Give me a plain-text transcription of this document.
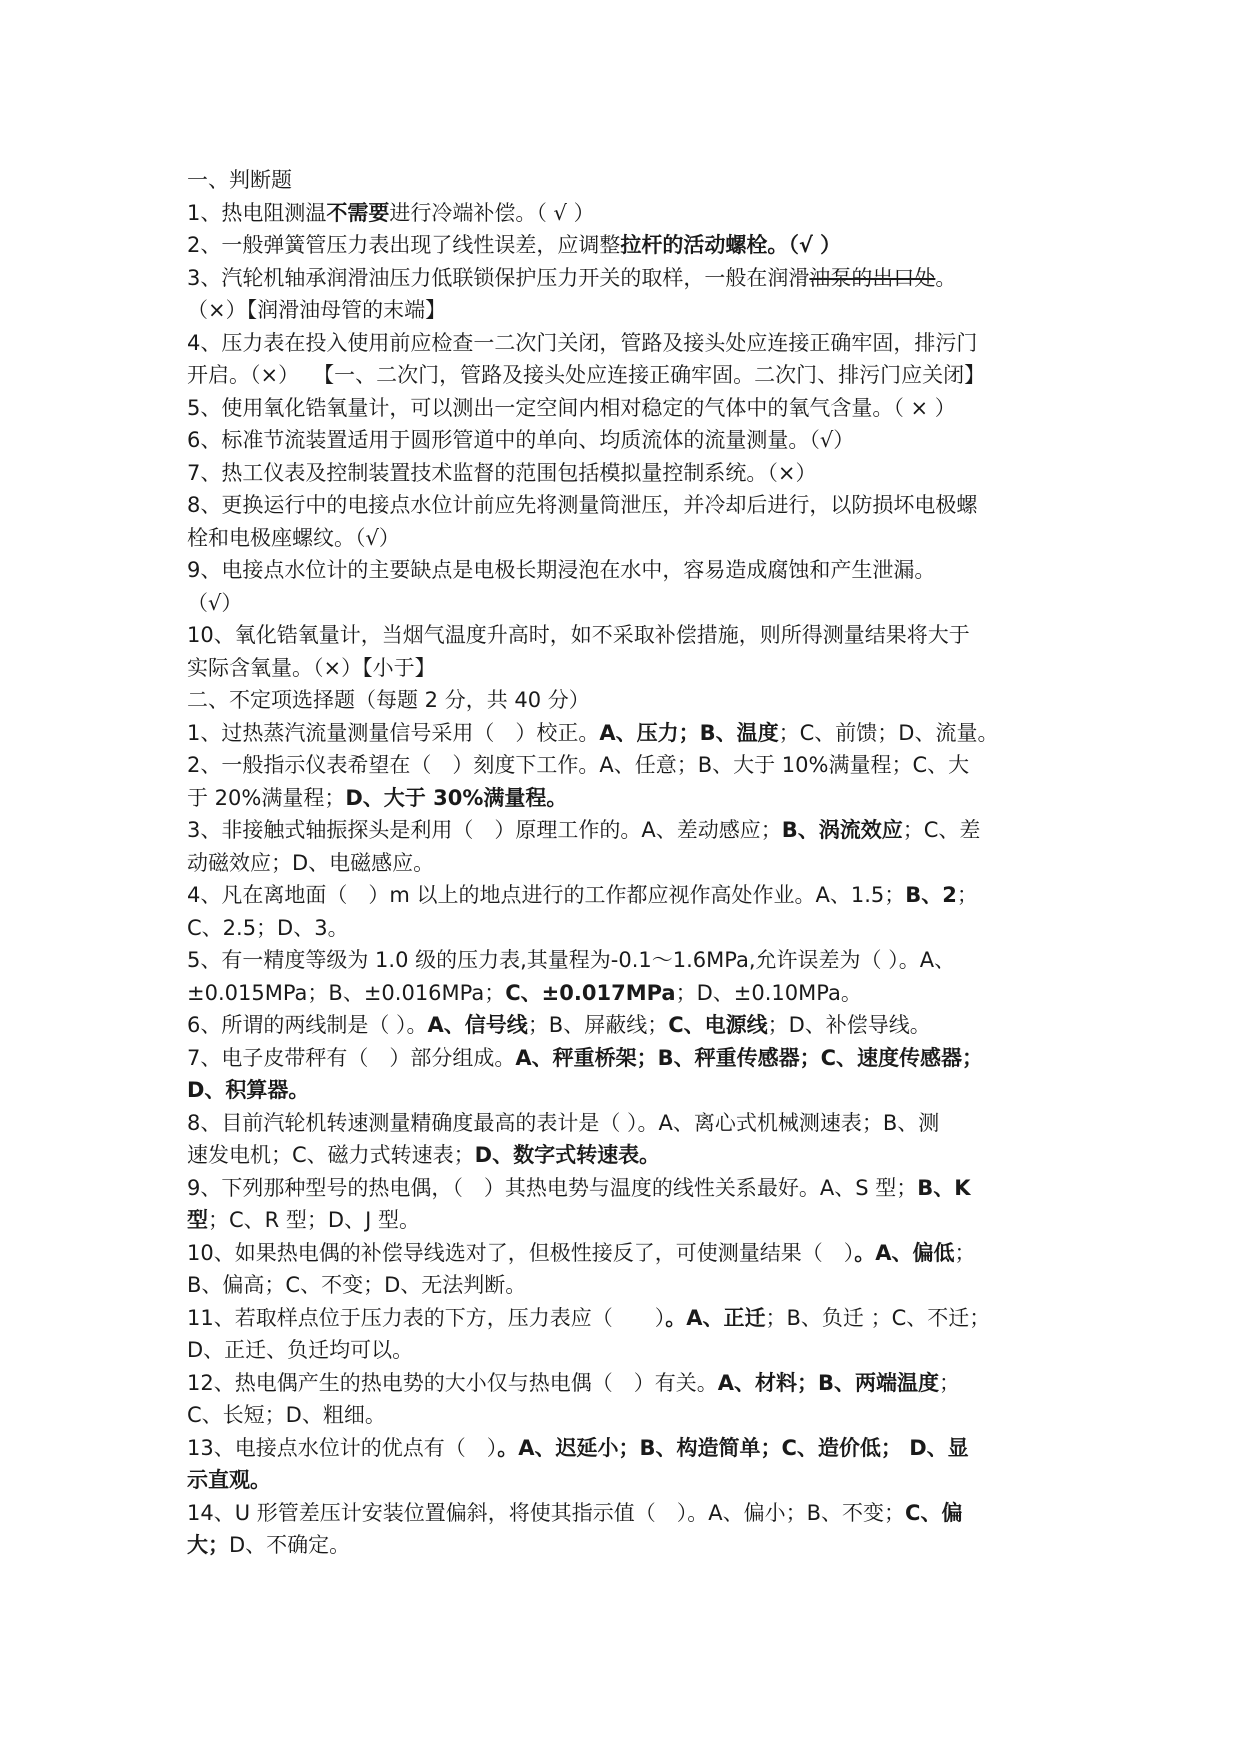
一、判断题
1、热电阻测温不需要进行冷端补偿。（ √ ）
2、一般弹簧管压力表出现了线性误差，应调整拉杆的活动螺栓。（√ ）
3、汽轮机轴承润滑油压力低联锁保护压力开关的取样，一般在润滑油泵的出口处。
（×）【润滑油母管的末端】
4、压力表在投入使用前应检查一二次门关闭，管路及接头处应连接正确牢固，排污门
开启。（×） 【一、二次门，管路及接头处应连接正确牢固。二次门、排污门应关闭】
5、使用氧化锆氧量计，可以测出一定空间内相对稳定的气体中的氧气含量。（ × ）
6、标准节流装置适用于圆形管道中的单向、均质流体的流量测量。（√）
7、热工仪表及控制装置技术监督的范围包括模拟量控制系统。（×）
8、更换运行中的电接点水位计前应先将测量筒泄压，并冷却后进行，以防损坏电极螺
栓和电极座螺纹。（√）
9、电接点水位计的主要缺点是电极长期浸泡在水中，容易造成腐蚀和产生泄漏。
（√）
10、氧化锆氧量计，当烟气温度升高时，如不采取补偿措施，则所得测量结果将大于
实际含氧量。（×）【小于】
二、不定项选择题（每题 2 分，共 40 分）
1、过热蒸汽流量测量信号采用（　）校正。A、压力；B、温度；C、前馈；D、流量。
2、一般指示仪表希望在（　）刻度下工作。A、任意；B、大于 10%满量程；C、大
于 20%满量程；D、大于 30%满量程。
3、非接触式轴振探头是利用（　）原理工作的。A、差动感应；B、涡流效应；C、差
动磁效应；D、电磁感应。
4、凡在离地面（　）m 以上的地点进行的工作都应视作高处作业。A、1.5；B、2；
C、2.5；D、3。
5、有一精度等级为 1.0 级的压力表,其量程为-0.1～1.6MPa,允许误差为（ ）。A、
±0.015MPa；B、±0.016MPa；C、±0.017MPa；D、±0.10MPa。
6、所谓的两线制是（ ）。A、信号线；B、屏蔽线；C、电源线；D、补偿导线。
7、电子皮带秤有（　）部分组成。A、秤重桥架；B、秤重传感器；C、速度传感器；
D、积算器。
8、目前汽轮机转速测量精确度最高的表计是（ ）。A、离心式机械测速表；B、测
速发电机；C、磁力式转速表；D、数字式转速表。
9、下列那种型号的热电偶，（　）其热电势与温度的线性关系最好。A、S 型；B、K
型；C、R 型；D、J 型。
10、如果热电偶的补偿导线选对了，但极性接反了，可使测量结果（　）。A、偏低；
B、偏高；C、不变；D、无法判断。
11、若取样点位于压力表的下方，压力表应（　　）。A、正迁；B、负迁 ；C、不迁；
D、正迁、负迁均可以。
12、热电偶产生的热电势的大小仅与热电偶（　）有关。A、材料；B、两端温度；
C、长短；D、粗细。
13、电接点水位计的优点有（　）。A、迟延小；B、构造简单；C、造价低； D、显
示直观。
14、U 形管差压计安装位置偏斜，将使其指示值（　）。A、偏小；B、不变；C、偏
大；D、不确定。
